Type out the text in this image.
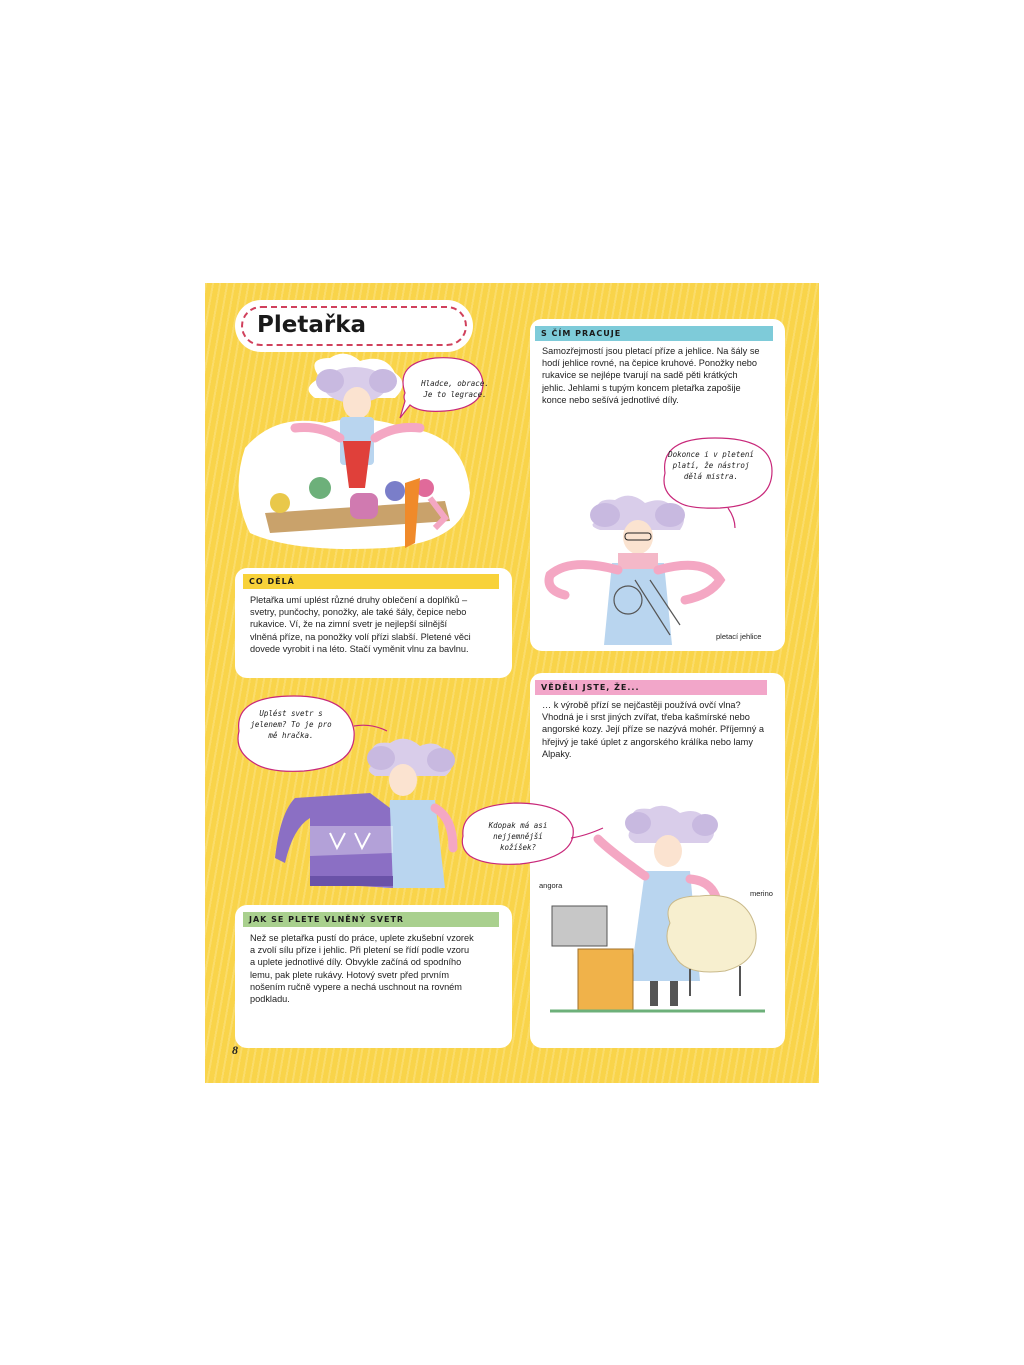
Pletařka
Hladce, obrace. Je to legrace.
CO DĚLÁ

Pletařka umí uplést různé druhy oblečení a doplňků – svetry, punčochy, ponožky, ale také šály, čepice nebo rukavice. Ví, že na zimní svetr je nejlepší silnější vlněná příze, na ponožky volí přízi slabší. Pletené věci dovede vyrobit i na léto. Stačí vyměnit vlnu za bavlnu.

S ČÍM PRACUJE

Samozřejmostí jsou pletací příze a jehlice. Na šály se hodí jehlice rovné, na čepice kruhové. Ponožky nebo rukavice se nejlépe tvarují na sadě pěti krátkých jehlic. Jehlami s tupým koncem pletařka zapošije konce nebo sešívá jednotlivé díly.

Dokonce i v pletení platí, že nástroj dělá mistra.
pletací jehlice
VĚDĚLI JSTE, ŽE...

… k výrobě přízí se nejčastěji používá ovčí vlna? Vhodná je i srst jiných zvířat, třeba kašmírské nebo angorské kozy. Její příze se nazývá mohér. Příjemný a hřejivý je také úplet z angorského králíka nebo lamy Alpaky.

Uplést svetr s jelenem? To je pro mě hračka.
JAK SE PLETE VLNĚNÝ SVETR

Než se pletařka pustí do práce, uplete zkušební vzorek a zvolí sílu příze i jehlic. Při pletení se řídí podle vzoru a uplete jednotlivé díly. Obvykle začíná od spodního lemu, pak plete rukávy. Hotový svetr před prvním nošením ručně vypere a nechá uschnout na rovném podkladu.

Kdopak má asi nejjemnější kožíšek?
angora
merino
8
